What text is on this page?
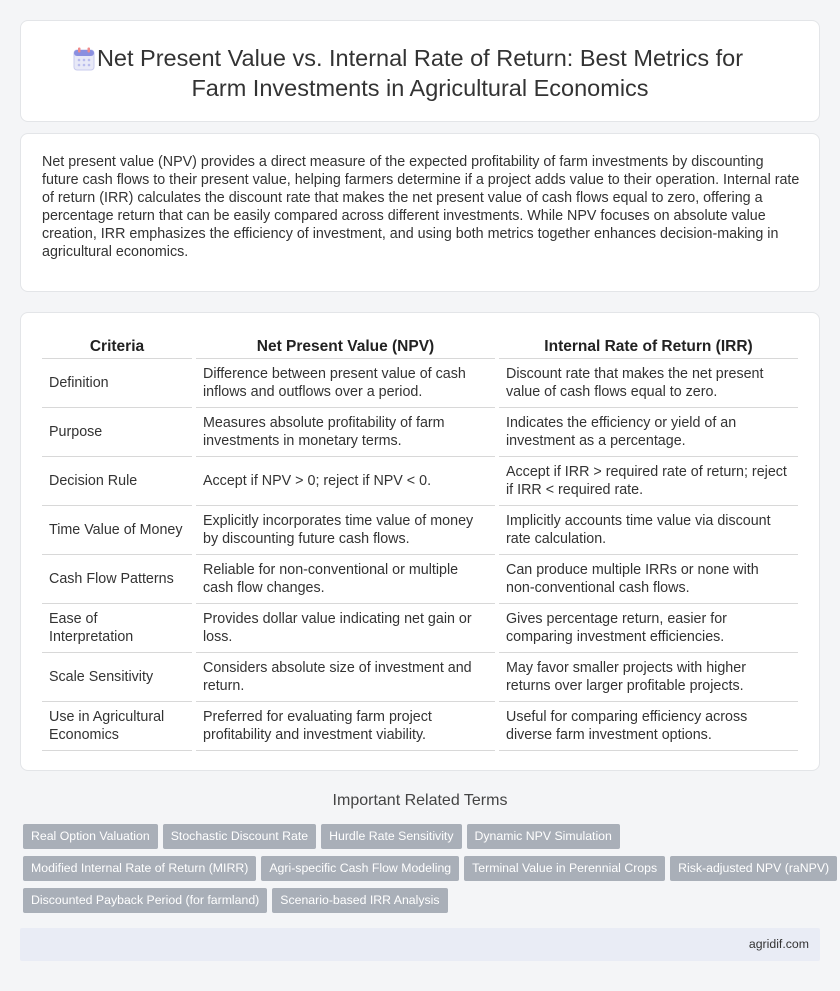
Net Present Value vs. Internal Rate of Return: Best Metrics for
Farm Investments in Agricultural Economics

Net present value (NPV) provides a direct measure of the expected profitability of farm investments by discounting future cash flows to their present value, helping farmers determine if a project adds value to their operation. Internal rate of return (IRR) calculates the discount rate that makes the net present value of cash flows equal to zero, offering a percentage return that can be easily compared across different investments. While NPV focuses on absolute value creation, IRR emphasizes the efficiency of investment, and using both metrics together enhances decision-making in agricultural economics.

Criteria	Net Present Value (NPV)	Internal Rate of Return (IRR)
Definition	Difference between present value of cash inflows and outflows over a period.	Discount rate that makes the net present value of cash flows equal to zero.
Purpose	Measures absolute profitability of farm investments in monetary terms.	Indicates the efficiency or yield of an investment as a percentage.
Decision Rule	Accept if NPV > 0; reject if NPV < 0.	Accept if IRR > required rate of return; reject if IRR < required rate.
Time Value of Money	Explicitly incorporates time value of money by discounting future cash flows.	Implicitly accounts time value via discount rate calculation.
Cash Flow Patterns	Reliable for non-conventional or multiple cash flow changes.	Can produce multiple IRRs or none with non-conventional cash flows.
Ease of Interpretation	Provides dollar value indicating net gain or loss.	Gives percentage return, easier for comparing investment efficiencies.
Scale Sensitivity	Considers absolute size of investment and return.	May favor smaller projects with higher returns over larger profitable projects.
Use in Agricultural Economics	Preferred for evaluating farm project profitability and investment viability.	Useful for comparing efficiency across diverse farm investment options.
Important Related Terms
Real Option Valuation Stochastic Discount Rate Hurdle Rate Sensitivity Dynamic NPV Simulation
Modified Internal Rate of Return (MIRR) Agri-specific Cash Flow Modeling Terminal Value in Perennial Crops Risk-adjusted NPV (raNPV)
Discounted Payback Period (for farmland) Scenario-based IRR Analysis
agridif.com
